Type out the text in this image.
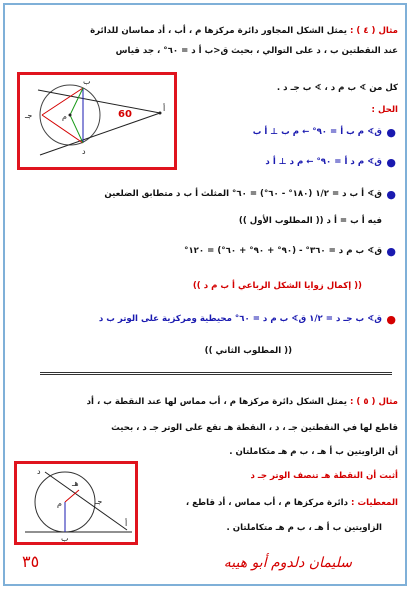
مثال ( ٤ ) : يمثل الشكل المجاور دائرة مركزها م ، أب ، أد مماسان للدائرة
عند النقطتين ب ، د على التوالي ، بحيث ق<ب أ د = ٦٠° ، جد قياس
كل من ∢ ب م د ، ∢ ب جـ د .
60
ب
جـ	م
أ
د
الحل :
●
ق∢ م ب أ = ٩٠° ← م ب ⊥ أ ب
●
ق∢ م د أ = ٩٠° ← م د ⊥ أ د
●
ق∢ أ ب د = ١/٢ (١٨٠° - ٦٠°) = ٦٠° المثلث أ ب د متطابق الضلعين
فيه أ ب = أ د (( المطلوب الأول ))
●
ق∢ ب م د = ٣٦٠° - (٩٠° + ٩٠° + ٦٠°) = ١٢٠°
(( إكمال زوايا الشكل الرباعي أ ب م د ))
●
ق∢ ب جـ د = ١/٢ ق∢ ب م د = ٦٠° محيطية ومركزية على الوتر ب د
(( المطلوب الثاني ))
مثال ( ٥ ) : يمثل الشكل دائرة مركزها م ، أب مماس لها عند النقطة ب ، أد
قاطع لها في النقطتين جـ ، د ، النقطة هـ تقع على الوتر جـ د ، بحيث
أن الزاويتين ب أ هـ ، ب م هـ متكاملتان .
أثبت أن النقطة هـ تنصف الوتر جـ د
المعطيات : دائرة مركزها م ، أب مماس ، أد قاطع ،
الزاويتين ب أ هـ ، ب م هـ متكاملتان .
د
هـ
جـ
م
أ
ب
سليمان دلدوم أبو هيبه
٣٥
